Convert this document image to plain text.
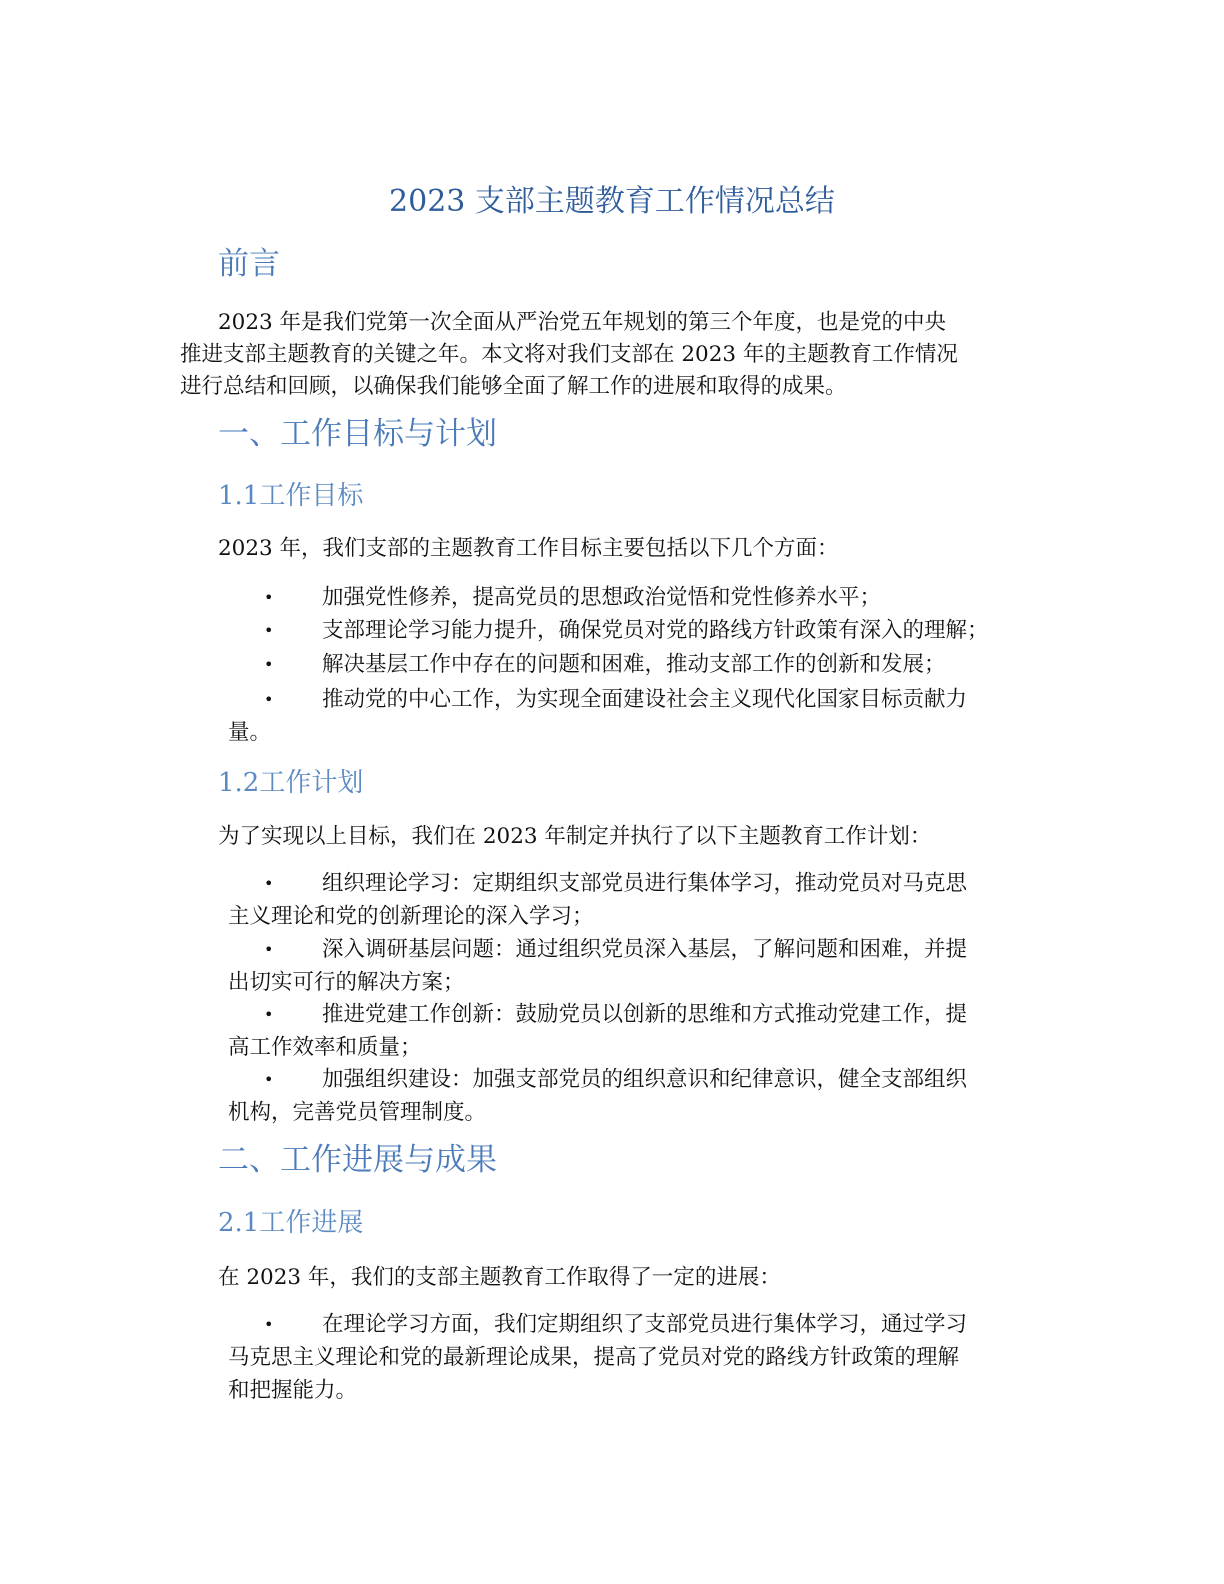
2023 支部主题教育工作情况总结
前言

2023 年是我们党第一次全面从严治党五年规划的第三个年度，也是党的中央
推进支部主题教育的关键之年。本文将对我们支部在 2023 年的主题教育工作情况
进行总结和回顾，以确保我们能够全面了解工作的进展和取得的成果。

一、工作目标与计划
1.1工作目标

2023 年，我们支部的主题教育工作目标主要包括以下几个方面：

• 加强党性修养，提高党员的思想政治觉悟和党性修养水平；
• 支部理论学习能力提升，确保党员对党的路线方针政策有深入的理解；
• 解决基层工作中存在的问题和困难，推动支部工作的创新和发展；
• 推动党的中心工作，为实现全面建设社会主义现代化国家目标贡献力
量。
1.2工作计划

为了实现以上目标，我们在 2023 年制定并执行了以下主题教育工作计划：

• 组织理论学习：定期组织支部党员进行集体学习，推动党员对马克思
主义理论和党的创新理论的深入学习；
• 深入调研基层问题：通过组织党员深入基层，了解问题和困难，并提
出切实可行的解决方案；
• 推进党建工作创新：鼓励党员以创新的思维和方式推动党建工作，提
高工作效率和质量；
• 加强组织建设：加强支部党员的组织意识和纪律意识，健全支部组织
机构，完善党员管理制度。
二、工作进展与成果
2.1工作进展

在 2023 年，我们的支部主题教育工作取得了一定的进展：

• 在理论学习方面，我们定期组织了支部党员进行集体学习，通过学习
马克思主义理论和党的最新理论成果，提高了党员对党的路线方针政策的理解
和把握能力。
